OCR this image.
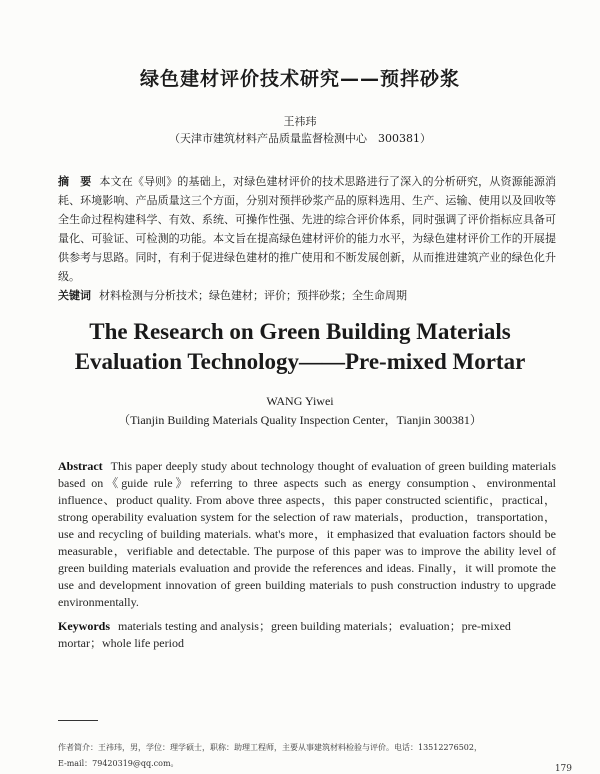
绿色建材评价技术研究——预拌砂浆
王祎玮
（天津市建筑材料产品质量监督检测中心　300381）
摘　要 本文在《导则》的基础上，对绿色建材评价的技术思路进行了深入的分析研究，从资源能源消耗、环境影响、产品质量这三个方面，分别对预拌砂浆产品的原料选用、生产、运输、使用以及回收等全生命过程构建科学、有效、系统、可操作性强、先进的综合评价体系，同时强调了评价指标应具备可量化、可验证、可检测的功能。本文旨在提高绿色建材评价的能力水平，为绿色建材评价工作的开展提供参考与思路。同时，有利于促进绿色建材的推广使用和不断发展创新，从而推进建筑产业的绿色化升级。
关键词 材料检测与分析技术；绿色建材；评价；预拌砂浆；全生命周期
The Research on Green Building Materials
Evaluation Technology——Pre-mixed Mortar
WANG Yiwei
（Tianjin Building Materials Quality Inspection Center，Tianjin 300381）
Abstract This paper deeply study about technology thought of evaluation of green building materials based on《guide rule》referring to three aspects such as energy consumption、environmental influence、product quality. From above three aspects，this paper constructed scientific，practical，strong operability evaluation system for the selection of raw materials，production，transportation，use and recycling of building materials. what's more，it emphasized that evaluation factors should be measurable，verifiable and detectable. The purpose of this paper was to improve the ability level of green building materials evaluation and provide the references and ideas. Finally，it will promote the use and development innovation of green building materials to push construction industry to upgrade environmentally.
Keywords materials testing and analysis；green building materials；evaluation；pre-mixed mortar；whole life period
作者简介：王祎玮，男，学位：理学硕士，职称：助理工程师，主要从事建筑材料检验与评价。电话：13512276502，
E-mail：79420319@qq.com。
179
